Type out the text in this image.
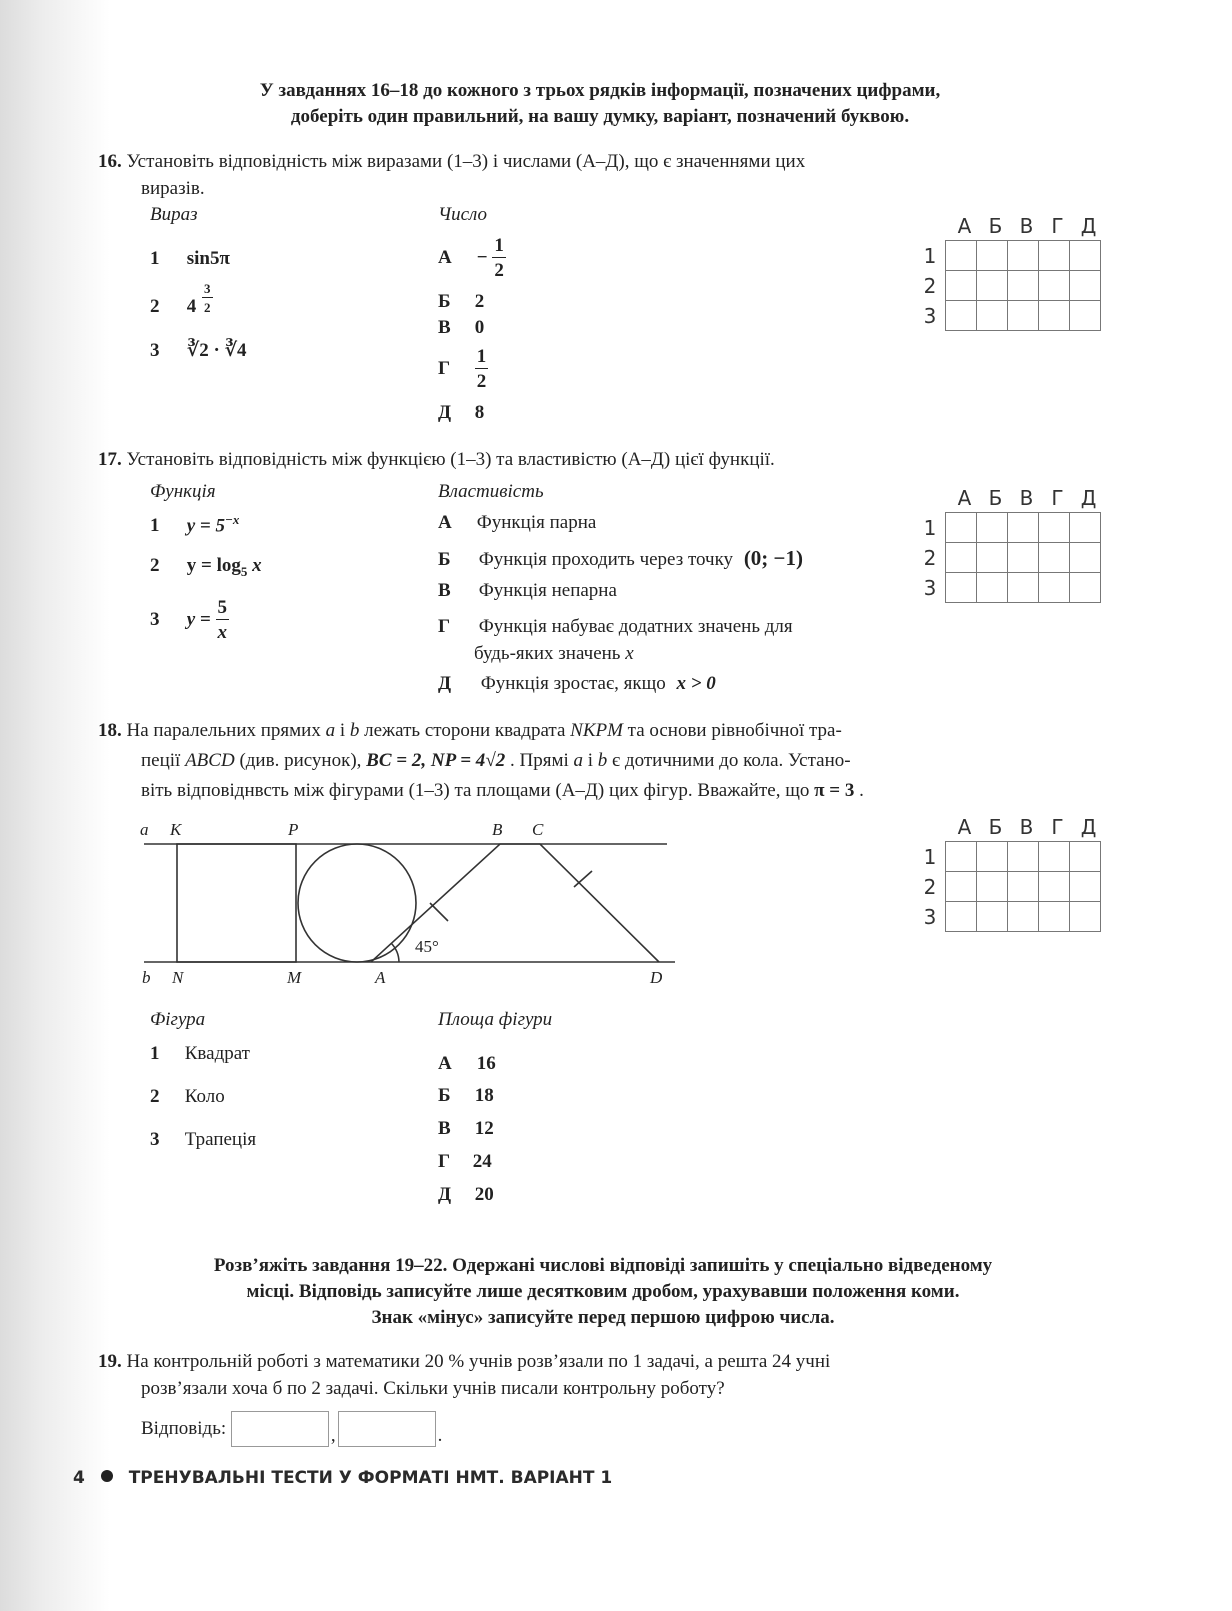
У завданнях 16–18 до кожного з трьох рядків інформації, позначених цифрами,
доберіть один правильний, на вашу думку, варіант, позначений буквою.
16. Установіть відповідність між виразами (1–3) і числами (А–Д), що є значеннями цих
виразів.
Вираз	Число
1 sin5π
2 $4 \frac{3}{2}$
3 ∛2 · ∛4
$А - \frac{1}{2}$
Б 2
В 0
Г $\frac{1}{2}$
Д 8
А Б В Г Д
1					
2					
3					
17. Установіть відповідність між функцією (1–3) та властивістю (А–Д) цієї функції.
Функція	Властивість
1 $y = 5^{-x}$
2 $y = \log_5 x$
3 $y = \frac{5}{x}$
А Функція парна
Б Функція проходить через точку (0; −1)
В Функція непарна
Г Функція набуває додатних значень для
будь-яких значень x
Д Функція зростає, якщо x > 0
А Б В Г Д
1					
2					
3					
18. На паралельних прямих a і b лежать сторони квадрата NKPM та основи рівнобічної тра-
пеції ABCD (див. рисунок), BC = 2, NP = 4√2 . Прямі a і b є дотичними до кола. Устано-
віть відповіднвсть між фігурами (1–3) та площами (А–Д) цих фігур. Вважайте, що π = 3 .
a K	P	B C
b N	M	A	D
45°
А Б В Г Д
1					
2					
3					
Фігура	Площа фігури
1 Квадрат
2 Коло
3 Трапеція
А 16
Б 18
В 12
Г 24
Д 20
Розв’яжіть завдання 19–22. Одержані числові відповіді запишіть у спеціально відведеному
місці. Відповідь записуйте лише десятковим дробом, урахувавши положення коми.
Знак «мінус» записуйте перед першою цифрою числа.
19. На контрольній роботі з математики 20 % учнів розв’язали по 1 задачі, а решта 24 учні
розв’язали хоча б по 2 задачі. Скільки учнів писали контрольну роботу?
Відповідь:	,	.
4	ТРЕНУВАЛЬНІ ТЕСТИ У ФОРМАТІ НМТ. ВАРІАНТ 1
